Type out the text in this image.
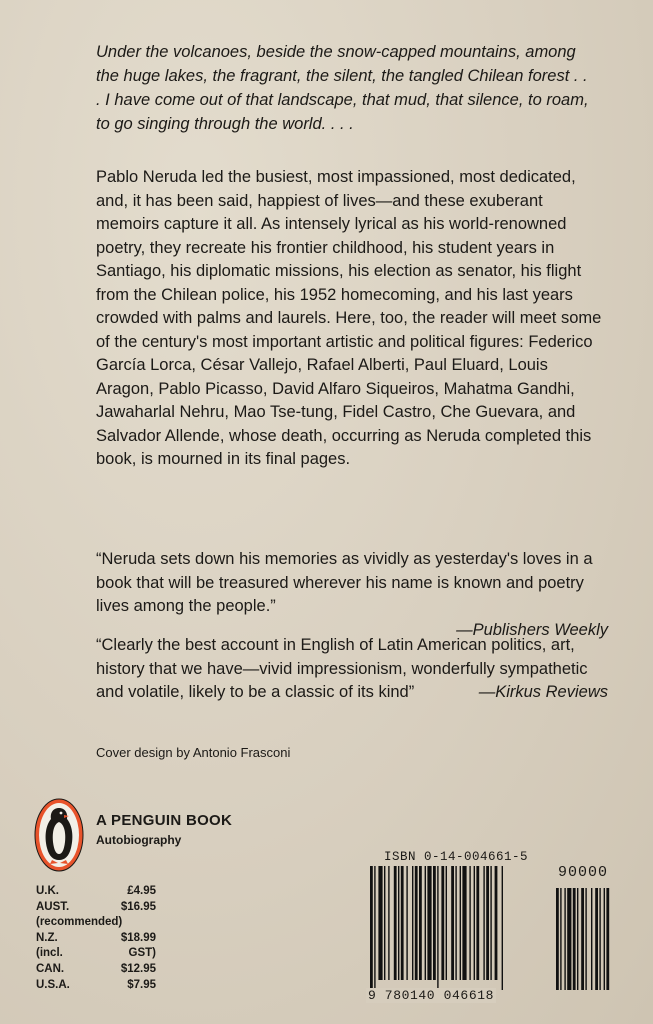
Under the volcanoes, beside the snow-capped mountains, among the huge lakes, the fragrant, the silent, the tangled Chilean forest . . . I have come out of that landscape, that mud, that silence, to roam, to go singing through the world. . . .

Pablo Neruda led the busiest, most impassioned, most dedicated, and, it has been said, happiest of lives—and these exuberant memoirs capture it all. As intensely lyrical as his world-renowned poetry, they recreate his frontier childhood, his student years in Santiago, his diplomatic missions, his election as senator, his flight from the Chilean police, his 1952 homecoming, and his last years crowded with palms and laurels. Here, too, the reader will meet some of the century's most important artistic and political figures: Federico García Lorca, César Vallejo, Rafael Alberti, Paul Eluard, Louis Aragon, Pablo Picasso, David Alfaro Siqueiros, Mahatma Gandhi, Jawaharlal Nehru, Mao Tse-tung, Fidel Castro, Che Guevara, and Salvador Allende, whose death, occurring as Neruda completed this book, is mourned in its final pages.

“Neruda sets down his memories as vividly as yesterday's loves in a book that will be treasured wherever his name is known and poetry lives among the people.”

—Publishers Weekly

“Clearly the best account in English of Latin American politics, art, history that we have—vivid impressionism, wonderfully sympathetic and volatile, likely to be a classic of its kind”	—Kirkus Reviews

Cover design by Antonio Frasconi

A PENGUIN BOOK
Autobiography
U.K.	£4.95
AUST.	$16.95
(recommended)
N.Z.	$18.99
(incl.	GST)
CAN.	$12.95
U.S.A.	$7.95
ISBN 0-14-004661-5
90000
9 780140 046618
